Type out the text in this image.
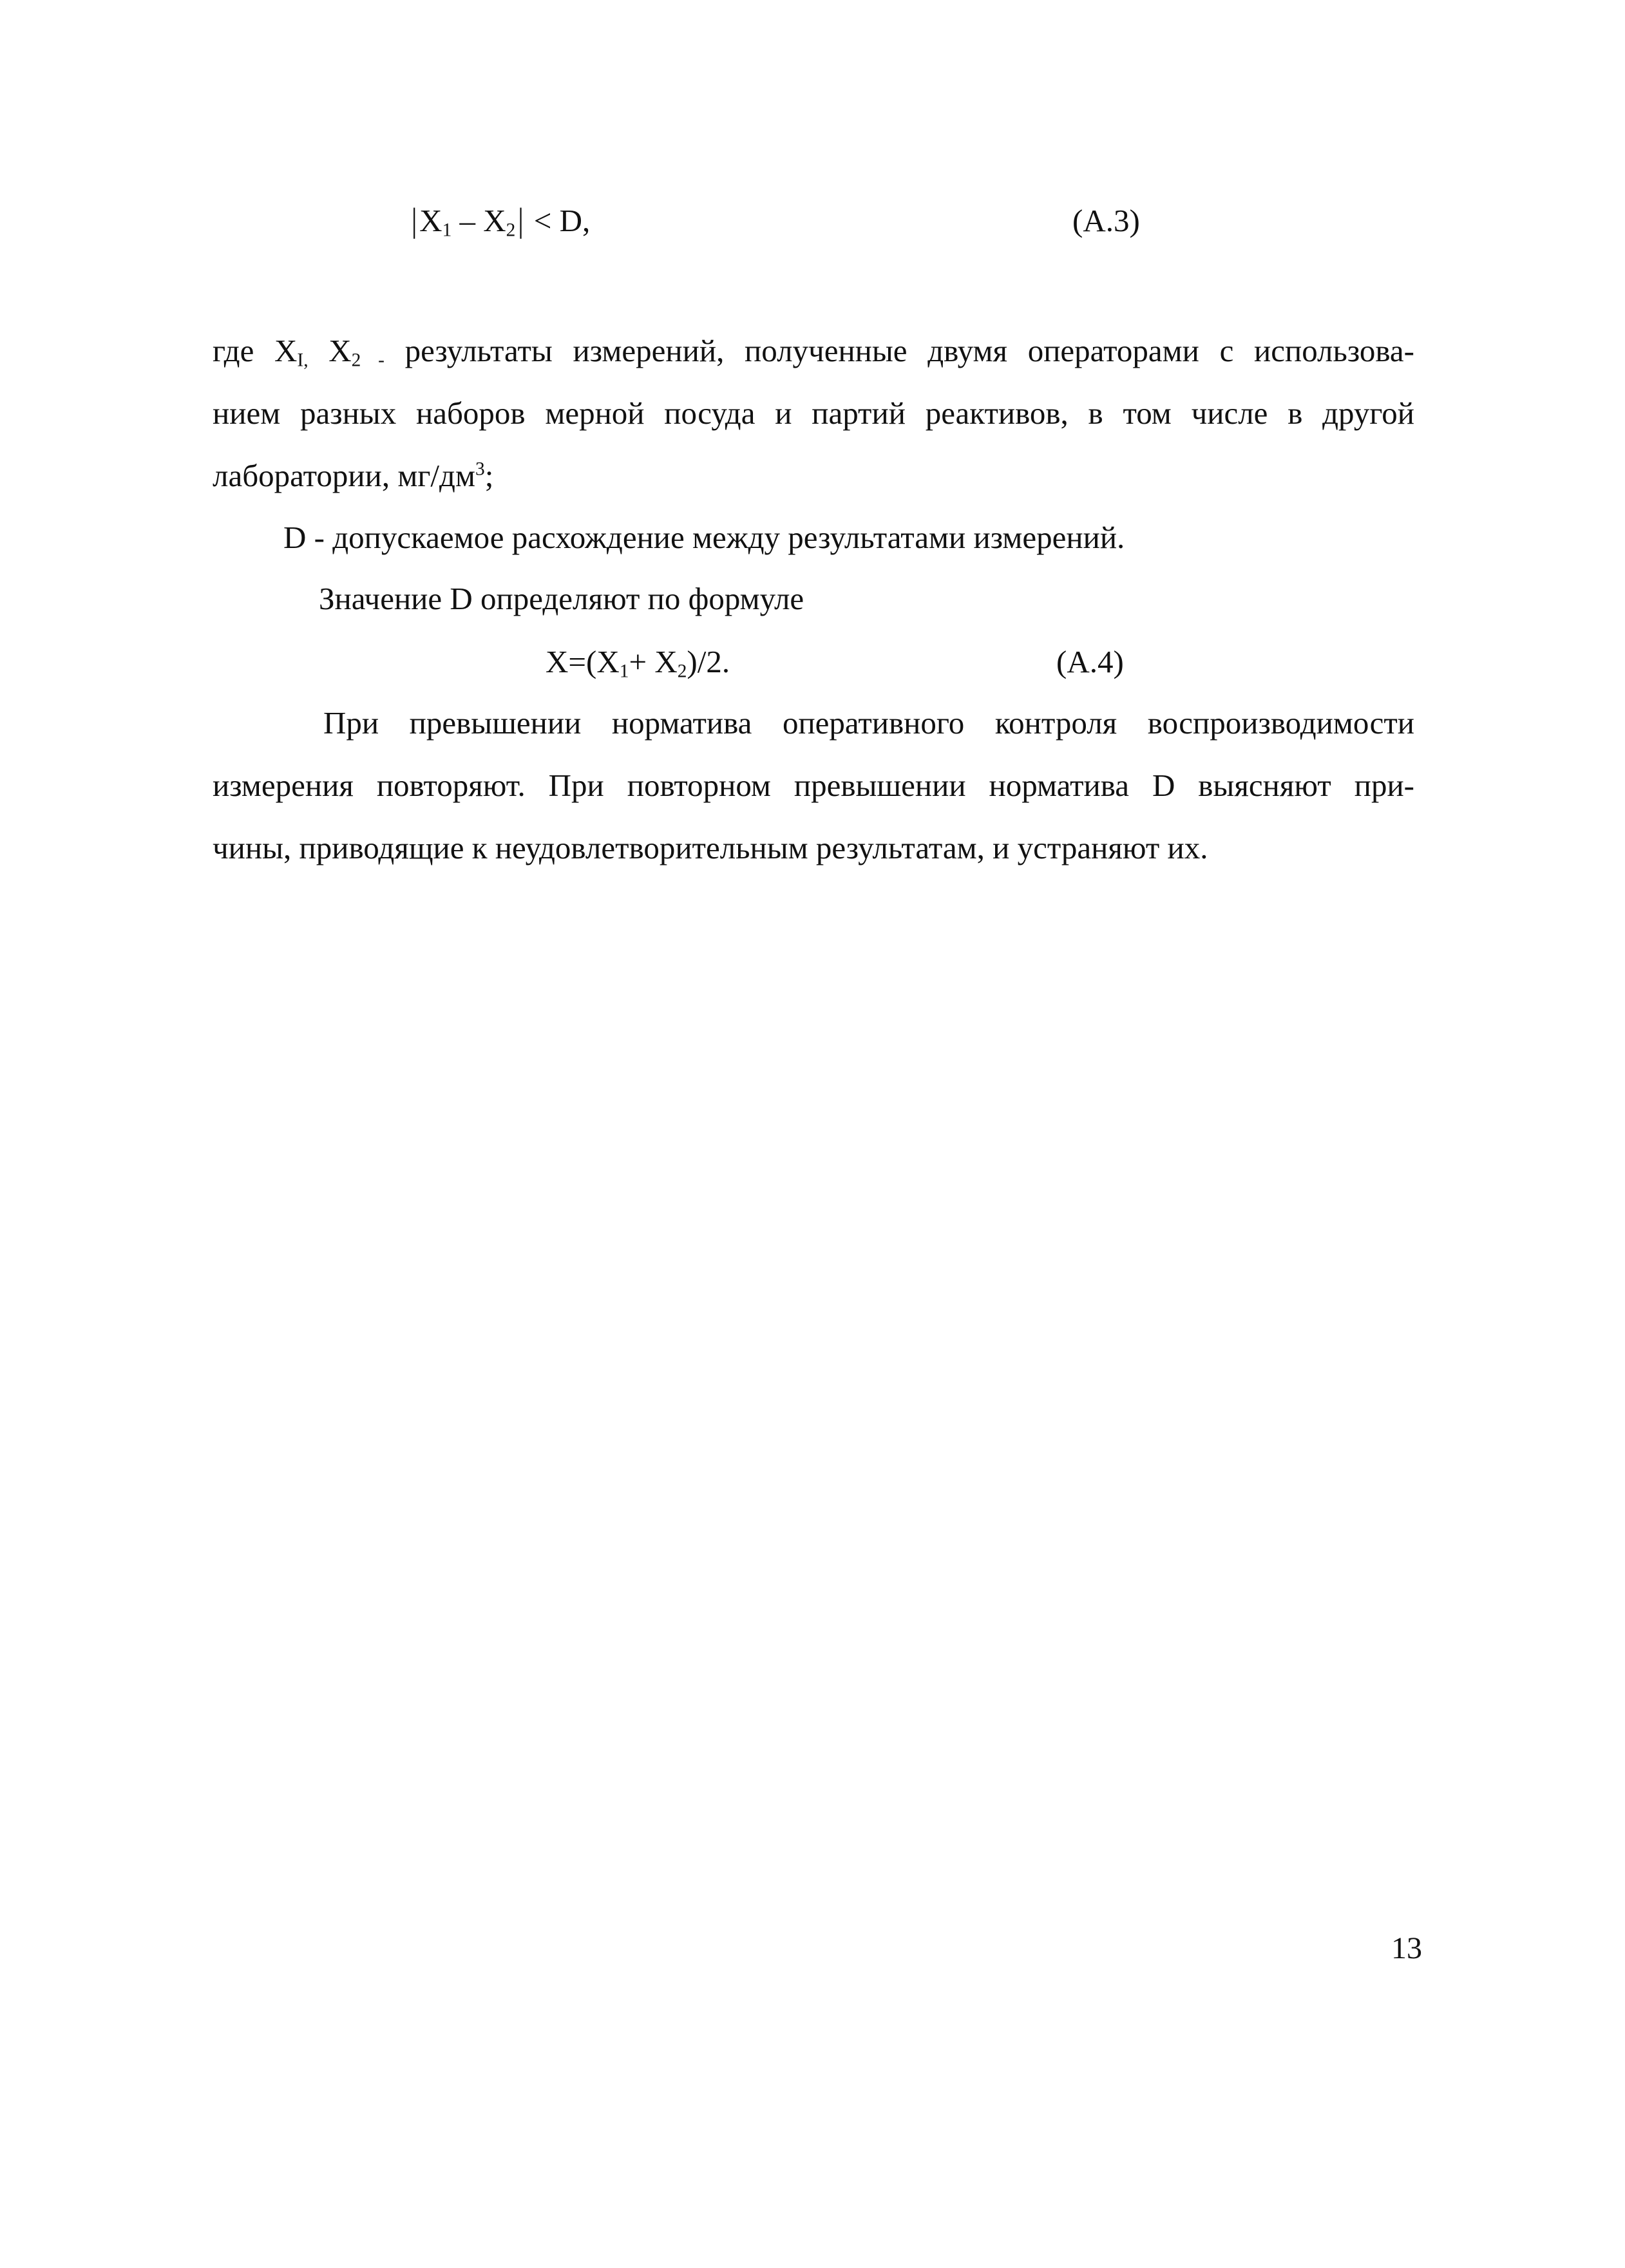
$|X_1 - X_2| < D$,	(А.3)
где $X_{I,}$ $X_{2 -}$ результаты измерений, полученные двумя операторами с использова-
нием разных наборов мерной посуда и партий реактивов, в том числе в другой
лаборатории, $мг/дм^3$;
D - допускаемое расхождение между результатами измерений.
Значение D определяют по формуле
$X=(X_1+ X_2)/2$.	(А.4)
При превышении норматива оперативного контроля воспроизводимости
измерения повторяют. При повторном превышении норматива D выясняют при-
чины, приводящие к неудовлетворительным результатам, и устраняют их.
13
